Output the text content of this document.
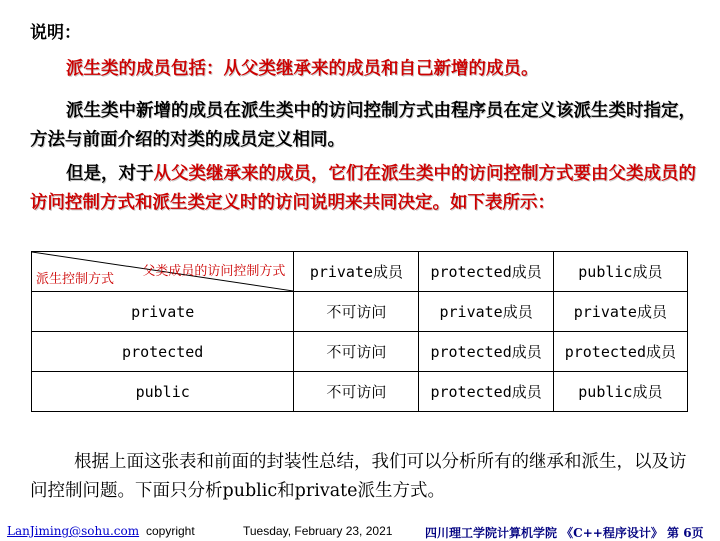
说明：
派生类的成员包括：从父类继承来的成员和自己新增的成员。
派生类中新增的成员在派生类中的访问控制方式由程序员在定义该派生类时指定，方法与前面介绍的对类的成员定义相同。
但是，对于从父类继承来的成员，它们在派生类中的访问控制方式要由父类成员的访问控制方式和派生类定义时的访问说明来共同决定。如下表所示：
父类成员的访问控制方式
派生控制方式	private成员	protected成员	public成员
private	不可访问	private成员	private成员
protected	不可访问	protected成员	protected成员
public	不可访问	protected成员	public成员
根据上面这张表和前面的封装性总结，我们可以分析所有的继承和派生，以及访问控制问题。下面只分析public和private派生方式。
LanJiming@sohu.com copyright	Tuesday, February 23, 2021	四川理工学院计算机学院 《C++程序设计》 第 6页
